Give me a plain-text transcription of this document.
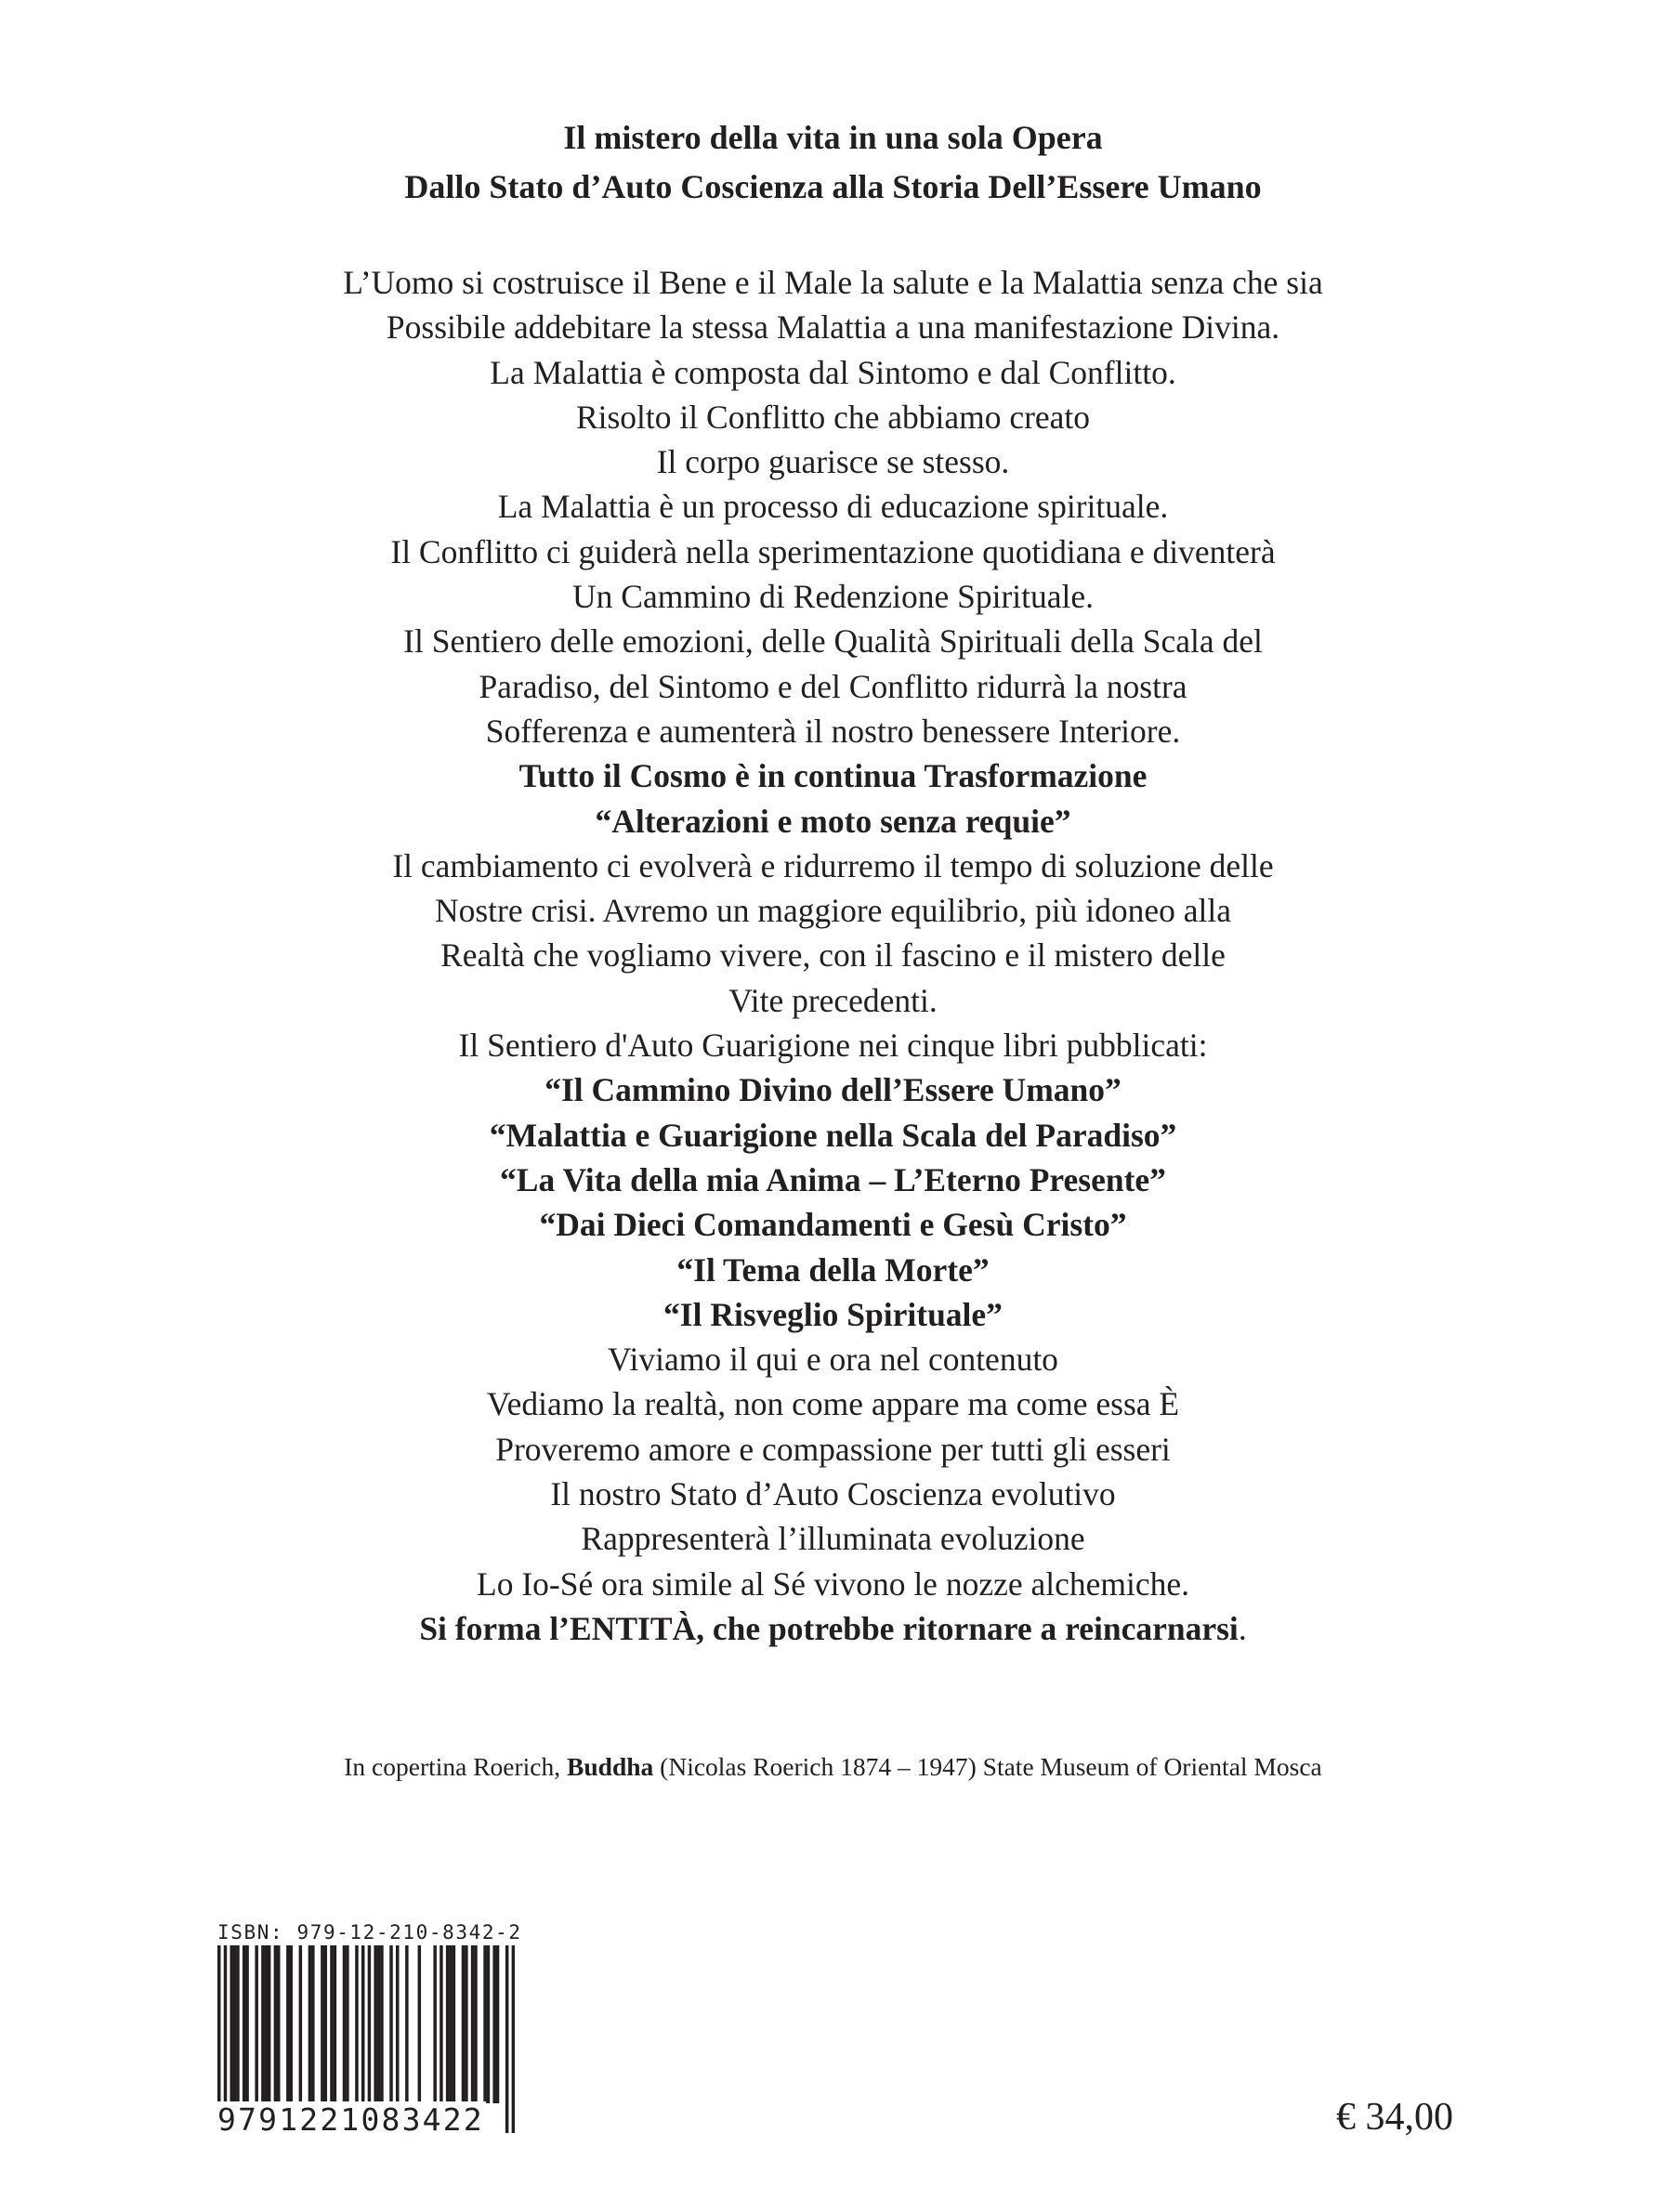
Il mistero della vita in una sola Opera
Dallo Stato d’Auto Coscienza alla Storia Dell’Essere Umano
L’Uomo si costruisce il Bene e il Male la salute e la Malattia senza che sia
Possibile addebitare la stessa Malattia a una manifestazione Divina.
La Malattia è composta dal Sintomo e dal Conflitto.
Risolto il Conflitto che abbiamo creato
Il corpo guarisce se stesso.
La Malattia è un processo di educazione spirituale.
Il Conflitto ci guiderà nella sperimentazione quotidiana e diventerà
Un Cammino di Redenzione Spirituale.
Il Sentiero delle emozioni, delle Qualità Spirituali della Scala del
Paradiso, del Sintomo e del Conflitto ridurrà la nostra
Sofferenza e aumenterà il nostro benessere Interiore.
Tutto il Cosmo è in continua Trasformazione
“Alterazioni e moto senza requie”
Il cambiamento ci evolverà e ridurremo il tempo di soluzione delle
Nostre crisi. Avremo un maggiore equilibrio, più idoneo alla
Realtà che vogliamo vivere, con il fascino e il mistero delle
Vite precedenti.
Il Sentiero d'Auto Guarigione nei cinque libri pubblicati:
“Il Cammino Divino dell’Essere Umano”
“Malattia e Guarigione nella Scala del Paradiso”
“La Vita della mia Anima – L’Eterno Presente”
“Dai Dieci Comandamenti e Gesù Cristo”
“Il Tema della Morte”
“Il Risveglio Spirituale”
Viviamo il qui e ora nel contenuto
Vediamo la realtà, non come appare ma come essa È
Proveremo amore e compassione per tutti gli esseri
Il nostro Stato d’Auto Coscienza evolutivo
Rappresenterà l’illuminata evoluzione
Lo Io-Sé ora simile al Sé vivono le nozze alchemiche.
Si forma l’ENTITÀ, che potrebbe ritornare a reincarnarsi.
In copertina Roerich, Buddha (Nicolas Roerich 1874 – 1947) State Museum of Oriental Mosca
ISBN: 979-12-210-8342-2
9791221083422	€ 34,00
